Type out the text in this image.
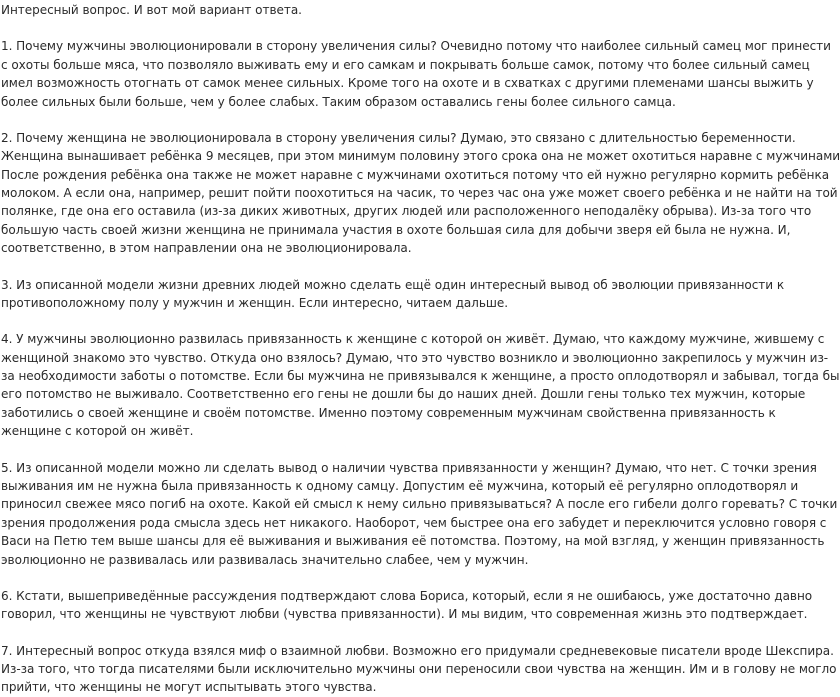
Интересный вопрос. И вот мой вариант ответа.

1. Почему мужчины эволюционировали в сторону увеличения силы? Очевидно потому что наиболее сильный самец мог принести
с охоты больше мяса, что позволяло выживать ему и его самкам и покрывать больше самок, потому что более сильный самец
имел возможность отогнать от самок менее сильных. Кроме того на охоте и в схватках с другими племенами шансы выжить у
более сильных были больше, чем у более слабых. Таким образом оставались гены более сильного самца.

2. Почему женщина не эволюционировала в сторону увеличения силы? Думаю, это связано с длительностью беременности.
Женщина вынашивает ребёнка 9 месяцев, при этом минимум половину этого срока она не может охотиться наравне с мужчинами
После рождения ребёнка она также не может наравне с мужчинами охотиться потому что ей нужно регулярно кормить ребёнка
молоком. А если она, например, решит пойти поохотиться на часик, то через час она уже может своего ребёнка и не найти на той
полянке, где она его оставила (из-за диких животных, других людей или расположенного неподалёку обрыва). Из-за того что
большую часть своей жизни женщина не принимала участия в охоте большая сила для добычи зверя ей была не нужна. И,
соответственно, в этом направлении она не эволюционировала.

3. Из описанной модели жизни древних людей можно сделать ещё один интересный вывод об эволюции привязанности к
противоположному полу у мужчин и женщин. Если интересно, читаем дальше.

4. У мужчины эволюционно развилась привязанность к женщине с которой он живёт. Думаю, что каждому мужчине, жившему с
женщиной знакомо это чувство. Откуда оно взялось? Думаю, что это чувство возникло и эволюционно закрепилось у мужчин из-
за необходимости заботы о потомстве. Если бы мужчина не привязывался к женщине, а просто оплодотворял и забывал, тогда бы
его потомство не выживало. Соответственно его гены не дошли бы до наших дней. Дошли гены только тех мужчин, которые
заботились о своей женщине и своём потомстве. Именно поэтому современным мужчинам свойственна привязанность к
женщине с которой он живёт.

5. Из описанной модели можно ли сделать вывод о наличии чувства привязанности у женщин? Думаю, что нет. С точки зрения
выживания им не нужна была привязанность к одному самцу. Допустим её мужчина, который её регулярно оплодотворял и
приносил свежее мясо погиб на охоте. Какой ей смысл к нему сильно привязываться? А после его гибели долго горевать? С точки
зрения продолжения рода смысла здесь нет никакого. Наоборот, чем быстрее она его забудет и переключится условно говоря с
Васи на Петю тем выше шансы для её выживания и выживания её потомства. Поэтому, на мой взгляд, у женщин привязанность
эволюционно не развивалась или развивалась значительно слабее, чем у мужчин.

6. Кстати, вышеприведённые рассуждения подтверждают слова Бориса, который, если я не ошибаюсь, уже достаточно давно
говорил, что женщины не чувствуют любви (чувства привязанности). И мы видим, что современная жизнь это подтверждает.

7. Интересный вопрос откуда взялся миф о взаимной любви. Возможно его придумали средневековые писатели вроде Шекспира.
Из-за того, что тогда писателями были исключительно мужчины они переносили свои чувства на женщин. Им и в голову не могло
прийти, что женщины не могут испытывать этого чувства.
